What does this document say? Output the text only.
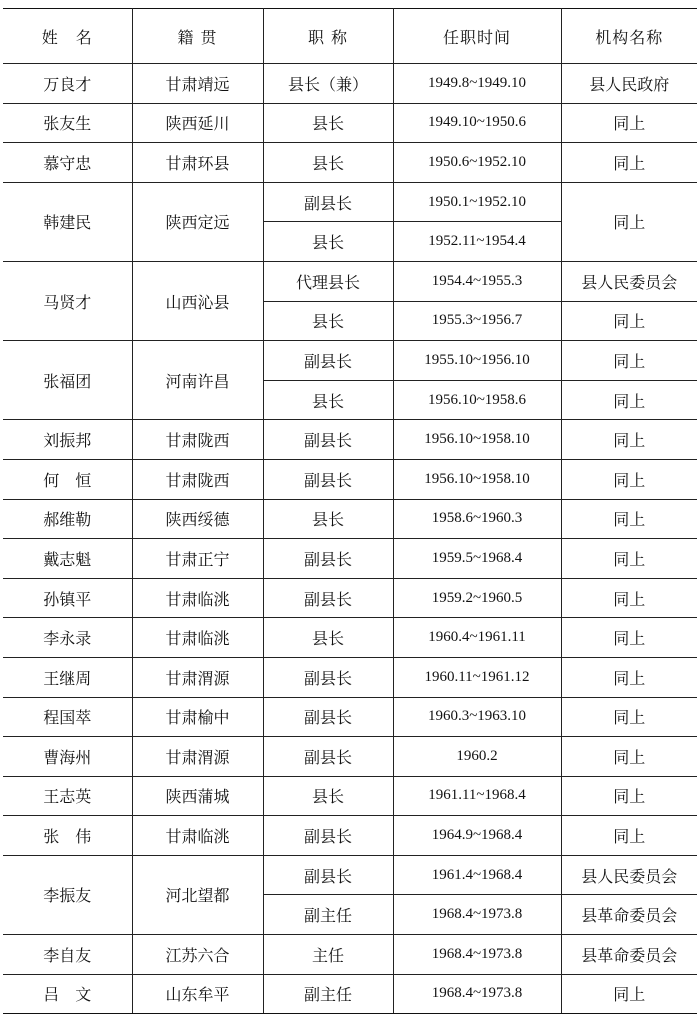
姓　名	籍 贯	职 称	任职时间	机构名称
万良才	甘肃靖远	县长（兼）	1949.8~1949.10	县人民政府
张友生	陕西延川	县长	1949.10~1950.6	同上
慕守忠	甘肃环县	县长	1950.6~1952.10	同上
韩建民	陕西定远	副县长	1950.1~1952.10	同上
		县长	1952.11~1954.4	
马贤才	山西沁县	代理县长	1954.4~1955.3	县人民委员会
		县长	1955.3~1956.7	同上
张福团	河南许昌	副县长	1955.10~1956.10	同上
		县长	1956.10~1958.6	同上
刘振邦	甘肃陇西	副县长	1956.10~1958.10	同上
何　恒	甘肃陇西	副县长	1956.10~1958.10	同上
郝维勒	陕西绥德	县长	1958.6~1960.3	同上
戴志魁	甘肃正宁	副县长	1959.5~1968.4	同上
孙镇平	甘肃临洮	副县长	1959.2~1960.5	同上
李永录	甘肃临洮	县长	1960.4~1961.11	同上
王继周	甘肃渭源	副县长	1960.11~1961.12	同上
程国萃	甘肃榆中	副县长	1960.3~1963.10	同上
曹海州	甘肃渭源	副县长	1960.2	同上
王志英	陕西蒲城	县长	1961.11~1968.4	同上
张　伟	甘肃临洮	副县长	1964.9~1968.4	同上
李振友	河北望都	副县长	1961.4~1968.4	县人民委员会
		副主任	1968.4~1973.8	县革命委员会
李自友	江苏六合	主任	1968.4~1973.8	县革命委员会
吕　文	山东牟平	副主任	1968.4~1973.8	同上
